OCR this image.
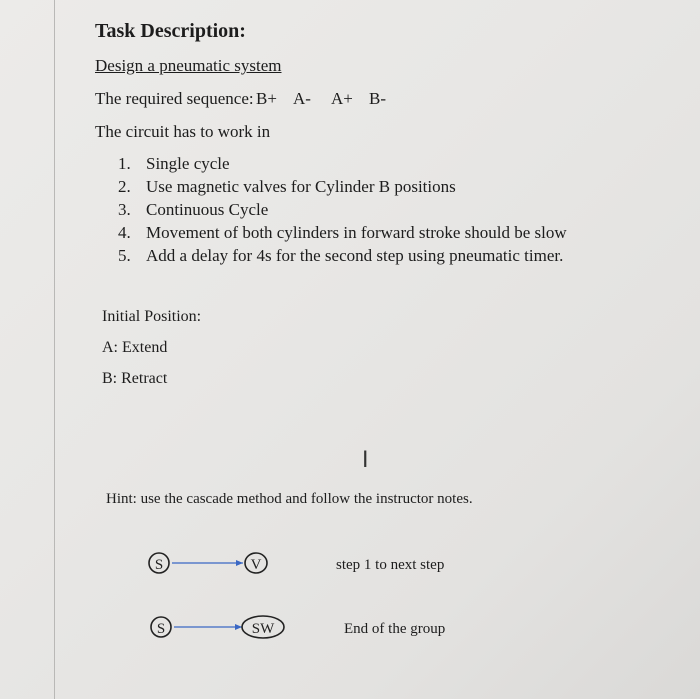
Task Description:
Design a pneumatic system
The required sequence: B+ A- A+ B-
The circuit has to work in
1. Single cycle
2. Use magnetic valves for Cylinder B positions
3. Continuous Cycle
4. Movement of both cylinders in forward stroke should be slow
5. Add a delay for 4s for the second step using pneumatic timer.
Initial Position:
A: Extend
B: Retract
I
Hint: use the cascade method and follow the instructor notes.
S	V	step 1 to next step
S	SW	End of the group
